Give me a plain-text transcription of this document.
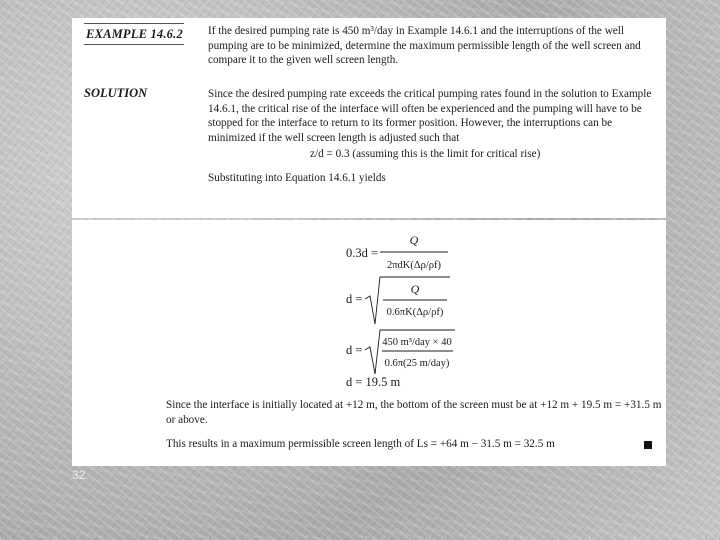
32
EXAMPLE 14.6.2 If the desired pumping rate is 450 m³/day in Example 14.6.1 and the interruptions of the well pumping are to be minimized, determine the maximum permissible length of the well screen and compare it to the given well screen length.

SOLUTION	Since the desired pumping rate exceeds the critical pumping rates found in the solution to Example 14.6.1, the critical rise of the interface will often be experienced and the pumping will have to be stopped for the interface to return to its former position. However, the interruptions can be minimized if the well screen length is adjusted such that

z/d = 0.3 (assuming this is the limit for critical rise)

Substituting into Equation 14.6.1 yields

0.3d =
Q
2πdK(Δρ/ρf)
d =
Q
0.6πK(Δρ/ρf)
d =
450 m³/day × 40
0.6π(25 m/day)
d = 19.5 m

Since the interface is initially located at +12 m, the bottom of the screen must be at +12 m + 19.5 m = +31.5 m or above.

This results in a maximum permissible screen length of Ls = +64 m − 31.5 m = 32.5 m
